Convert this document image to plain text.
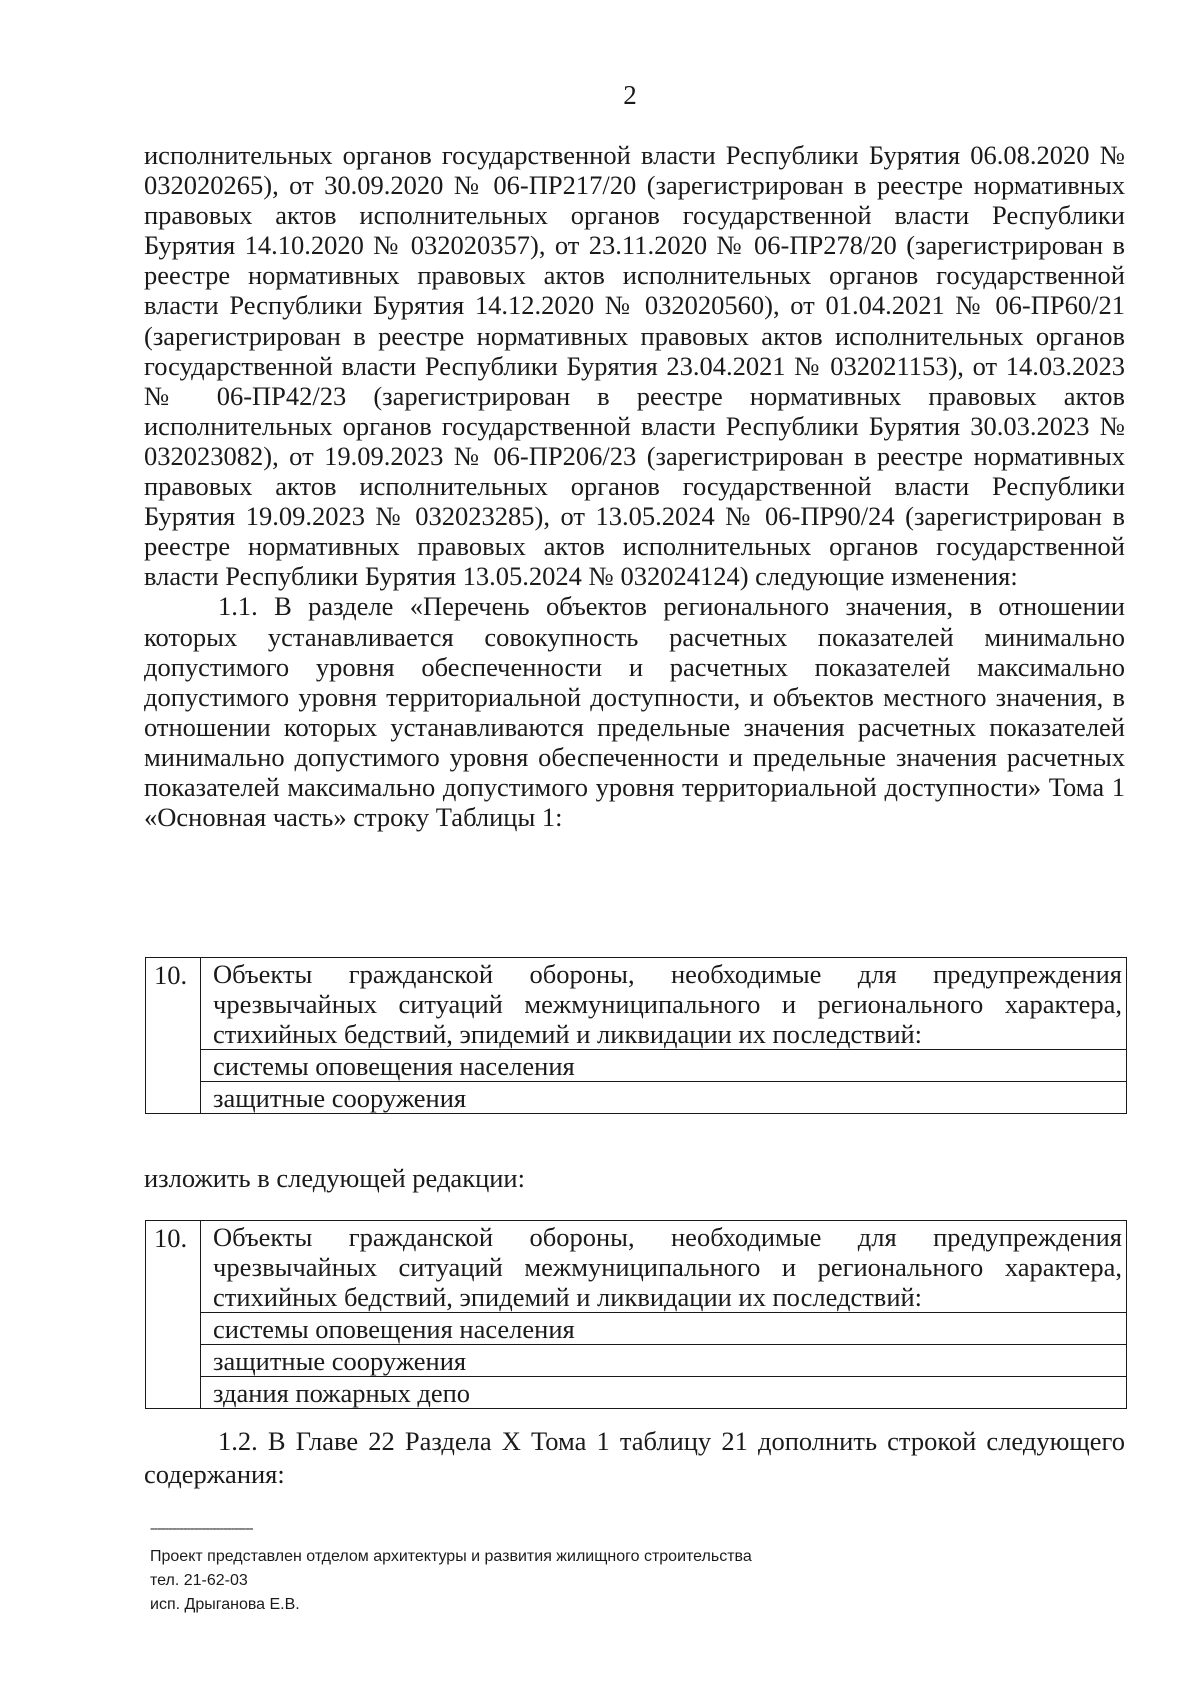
2

исполнительных органов государственной власти Республики Бурятия 06.08.2020 № 032020265), от 30.09.2020 № 06-ПР217/20 (зарегистрирован в реестре нормативных правовых актов исполнительных органов государственной власти Республики Бурятия 14.10.2020 № 032020357), от 23.11.2020 № 06-ПР278/20 (зарегистрирован в реестре нормативных правовых актов исполнительных органов государственной власти Республики Бурятия 14.12.2020 № 032020560), от 01.04.2021 № 06-ПР60/21 (зарегистрирован в реестре нормативных правовых актов исполнительных органов государственной власти Республики Бурятия 23.04.2021 № 032021153), от 14.03.2023 № 06-ПР42/23 (зарегистрирован в реестре нормативных правовых актов исполнительных органов государственной власти Республики Бурятия 30.03.2023 № 032023082), от 19.09.2023 № 06-ПР206/23 (зарегистрирован в реестре нормативных правовых актов исполнительных органов государственной власти Республики Бурятия 19.09.2023 № 032023285), от 13.05.2024 № 06-ПР90/24 (зарегистрирован в реестре нормативных правовых актов исполнительных органов государственной власти Республики Бурятия 13.05.2024 № 032024124) следующие изменения:

1.1. В разделе «Перечень объектов регионального значения, в отношении которых устанавливается совокупность расчетных показателей минимально допустимого уровня обеспеченности и расчетных показателей максимально допустимого уровня территориальной доступности, и объектов местного значения, в отношении которых устанавливаются предельные значения расчетных показателей минимально допустимого уровня обеспеченности и предельные значения расчетных показателей максимально допустимого уровня территориальной доступности» Тома 1 «Основная часть» строку Таблицы 1:

10.	Объекты гражданской обороны, необходимые для предупреждения чрезвычайных ситуаций межмуниципального и регионального характера, стихийных бедствий, эпидемий и ликвидации их последствий:
системы оповещения населения
защитные сооружения
изложить в следующей редакции:
10.	Объекты гражданской обороны, необходимые для предупреждения чрезвычайных ситуаций межмуниципального и регионального характера, стихийных бедствий, эпидемий и ликвидации их последствий:
системы оповещения населения
защитные сооружения
здания пожарных депо

1.2. В Главе 22 Раздела X Тома 1 таблицу 21 дополнить строкой следующего содержания:

----------------------------
Проект представлен отделом архитектуры и развития жилищного строительства
тел. 21-62-03
исп. Дрыганова Е.В.
